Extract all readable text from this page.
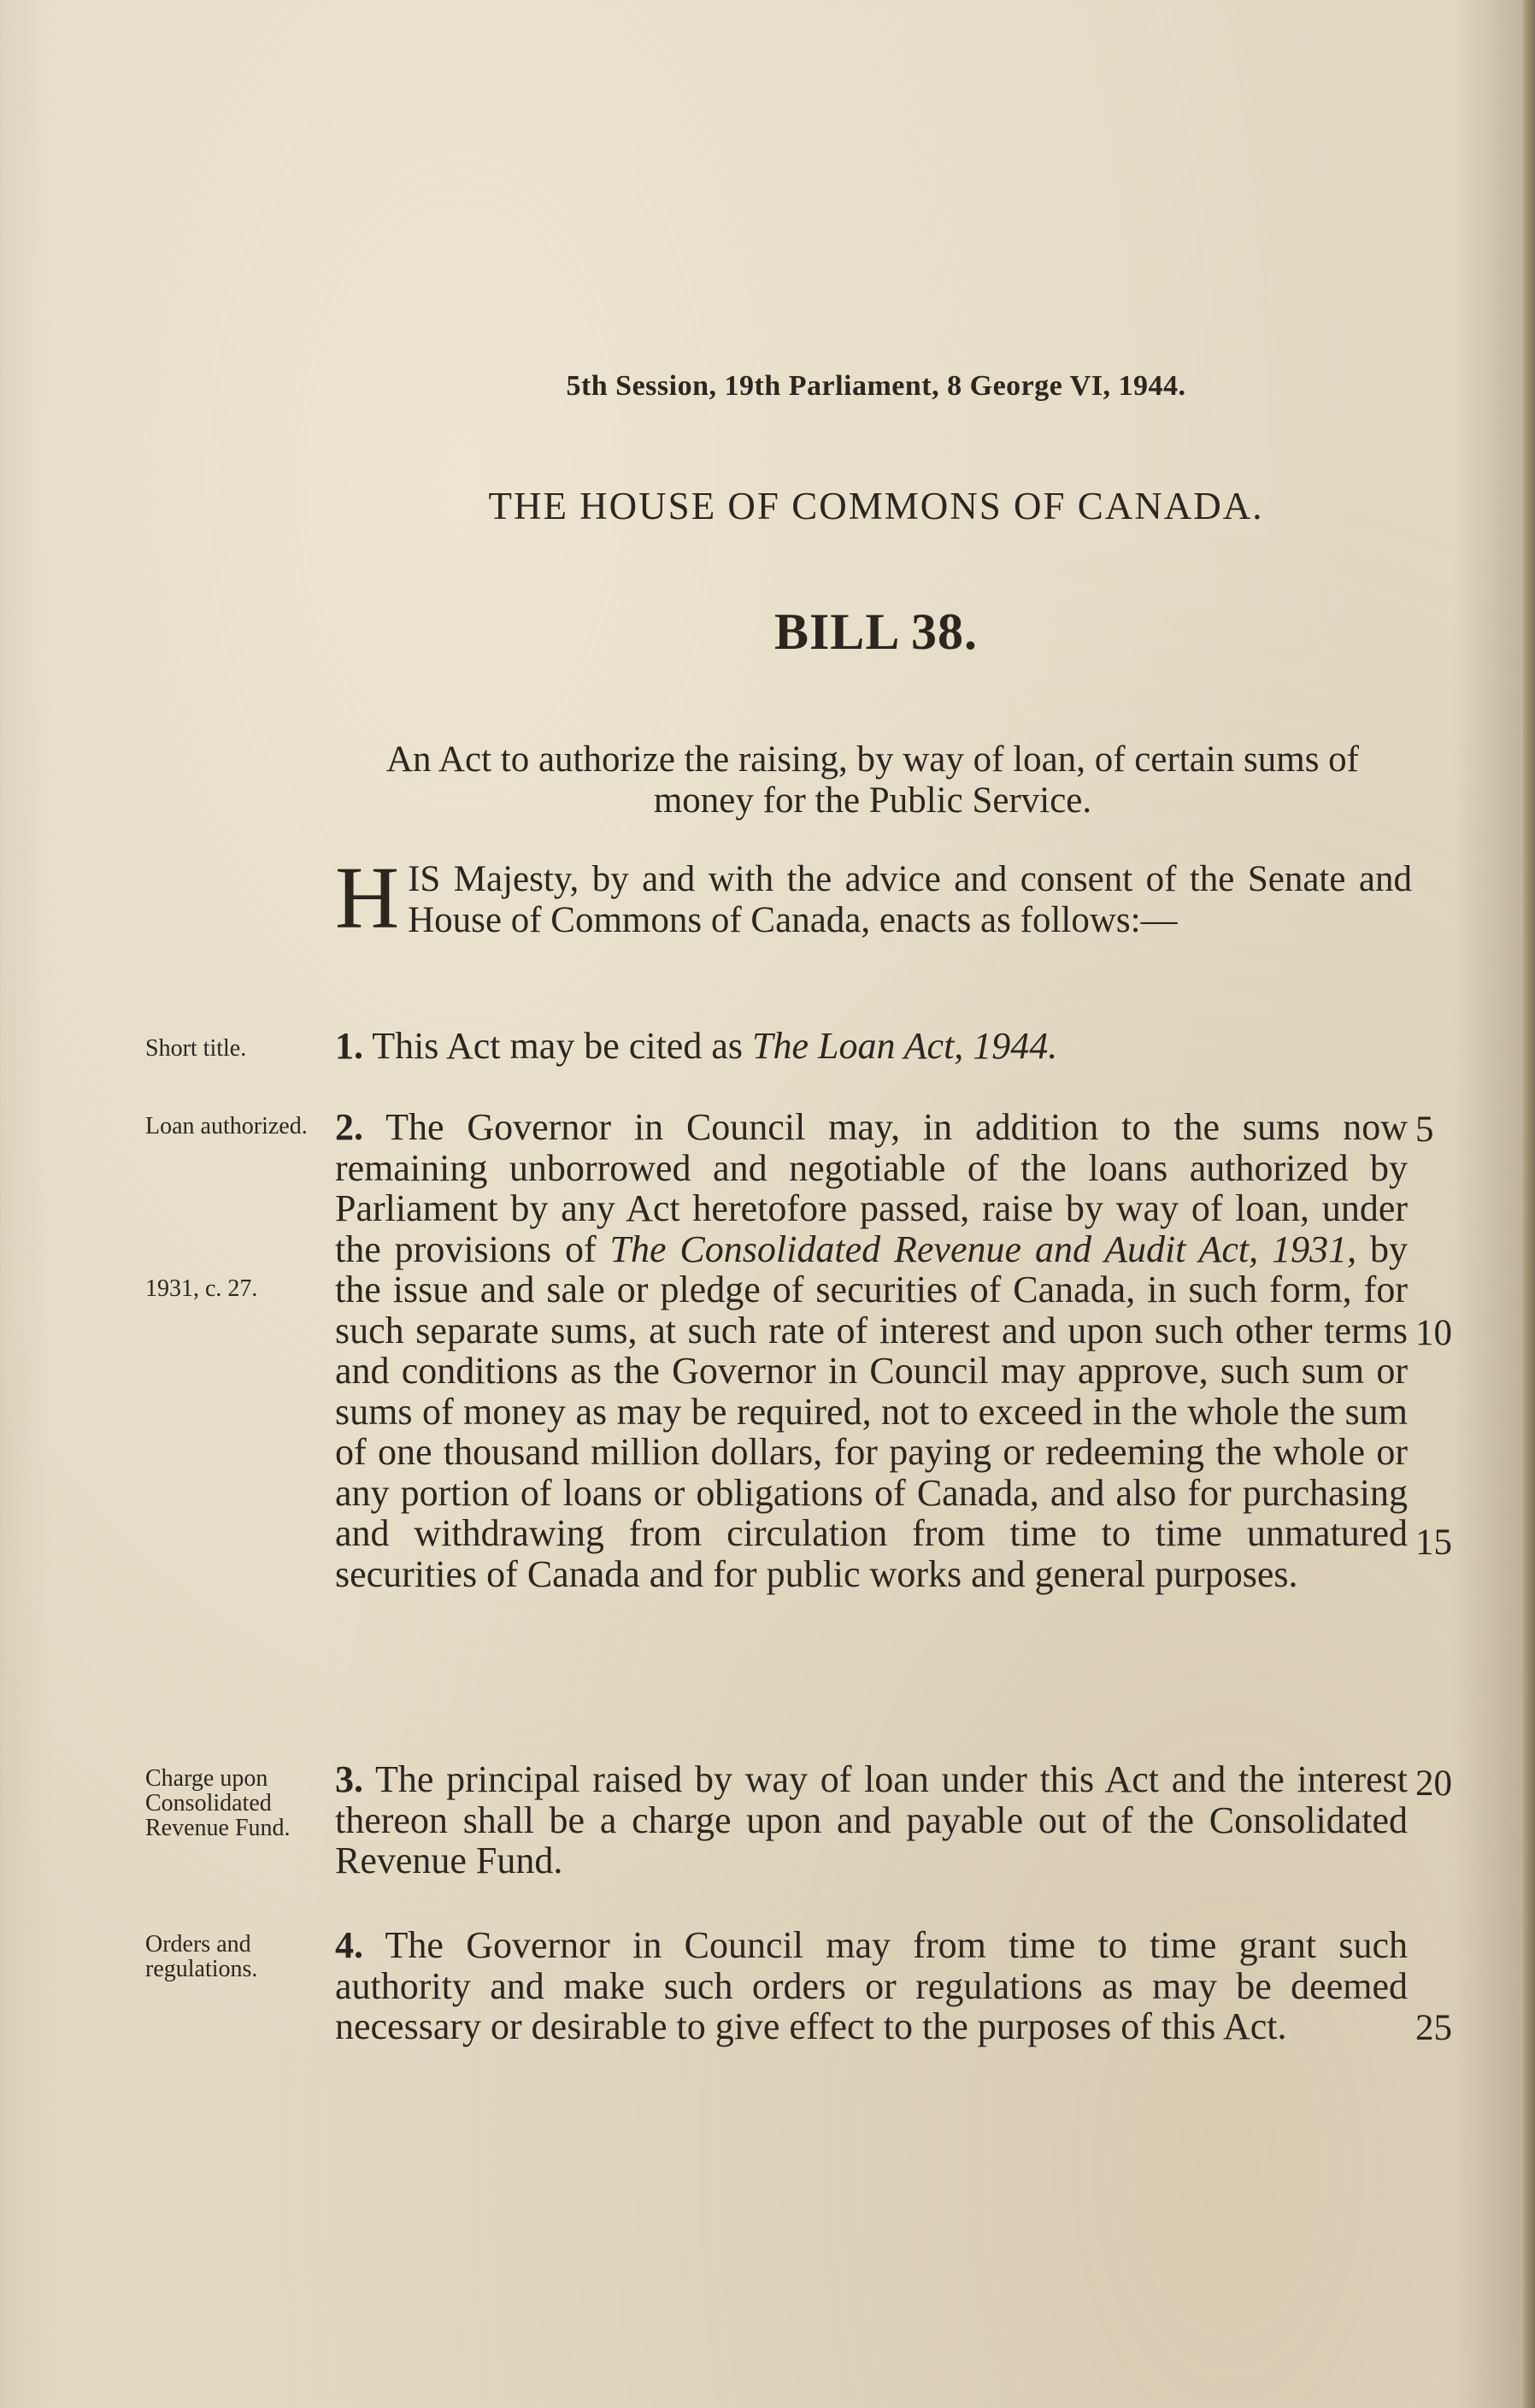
5th Session, 19th Parliament, 8 George VI, 1944.
THE HOUSE OF COMMONS OF CANADA.
BILL 38.
An Act to authorize the raising, by way of loan, of certain sums of money for the Public Service.
HIS Majesty, by and with the advice and consent of the Senate and House of Commons of Canada, enacts as follows:—
Short title.	1. This Act may be cited as The Loan Act, 1944.
Loan authorized.
1931, c. 27.
2. The Governor in Council may, in addition to the sums now remaining unborrowed and negotiable of the loans authorized by Parliament by any Act heretofore passed, raise by way of loan, under the provisions of The Consolidated Revenue and Audit Act, 1931, by the issue and sale or pledge of securities of Canada, in such form, for such separate sums, at such rate of interest and upon such other terms and conditions as the Governor in Council may approve, such sum or sums of money as may be required, not to exceed in the whole the sum of one thousand million dollars, for paying or redeeming the whole or any portion of loans or obligations of Canada, and also for purchasing and withdrawing from circulation from time to time unmatured securities of Canada and for public works and general purposes.
Charge upon Consolidated Revenue Fund.
3. The principal raised by way of loan under this Act and the interest thereon shall be a charge upon and payable out of the Consolidated Revenue Fund.
Orders and regulations.
4. The Governor in Council may from time to time grant such authority and make such orders or regulations as may be deemed necessary or desirable to give effect to the purposes of this Act.
5
10
15
20
25
